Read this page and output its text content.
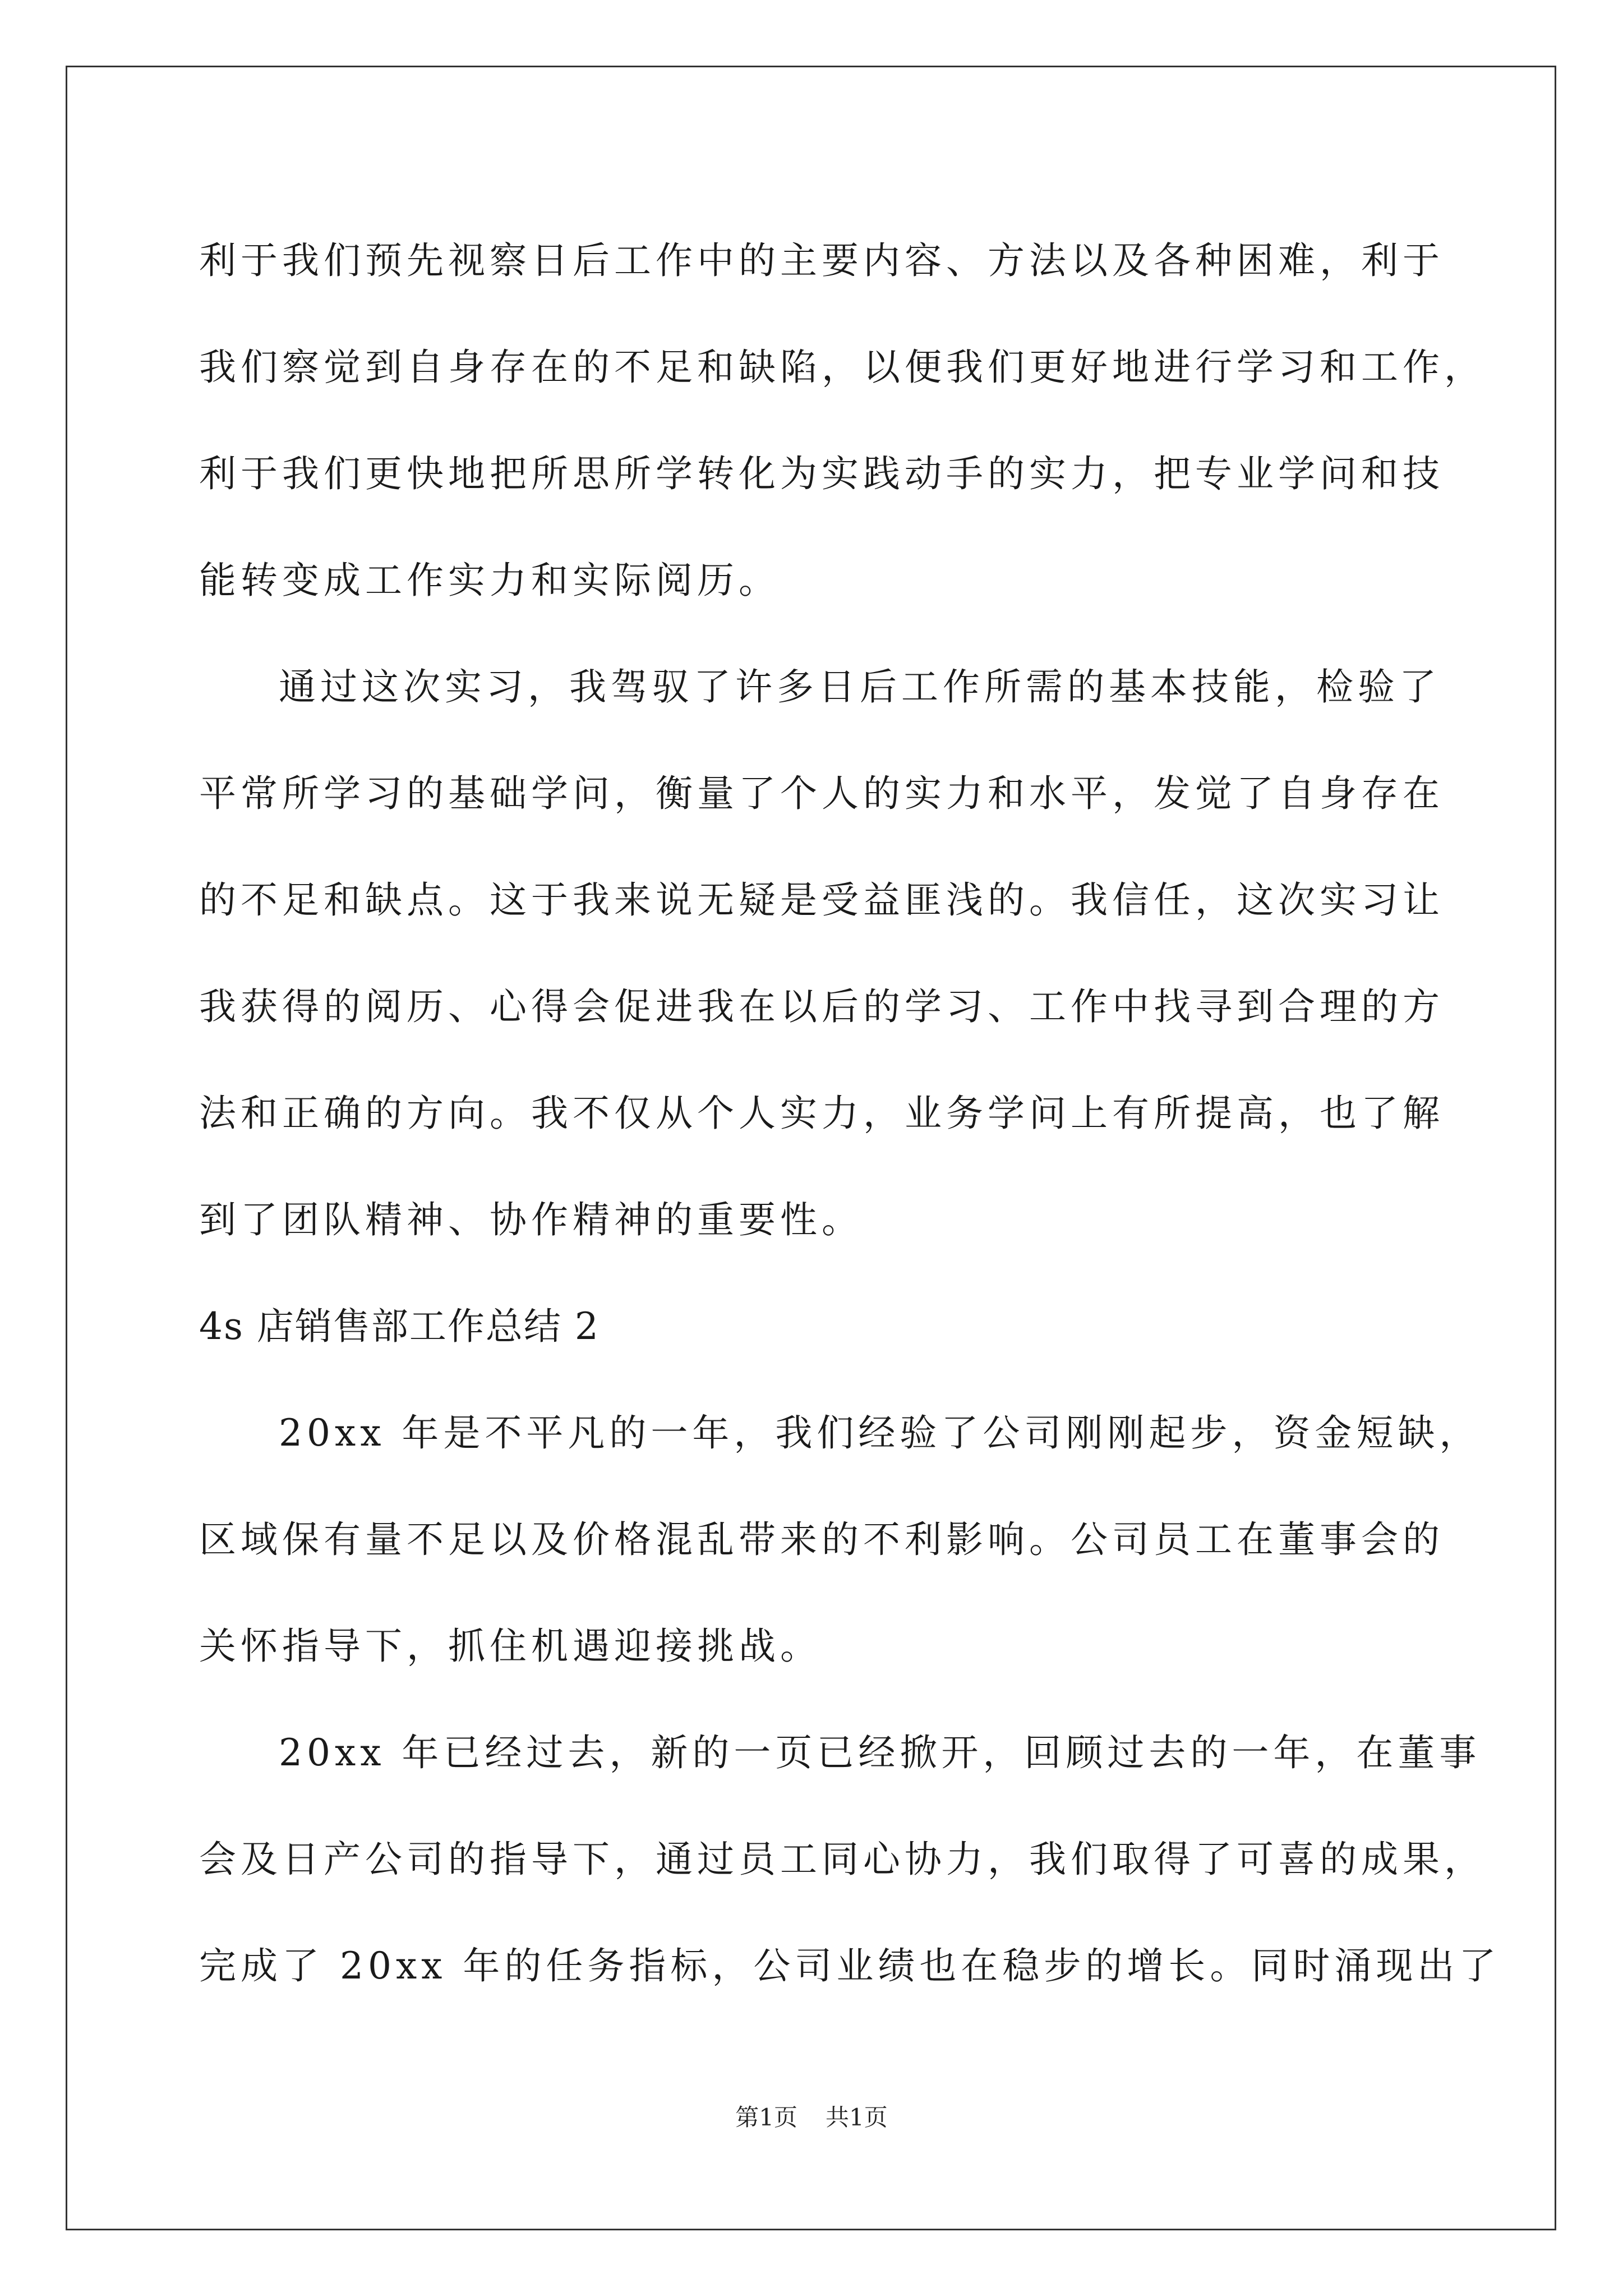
利于我们预先视察日后工作中的主要内容、方法以及各种困难，利于
我们察觉到自身存在的不足和缺陷，以便我们更好地进行学习和工作，
利于我们更快地把所思所学转化为实践动手的实力，把专业学问和技
能转变成工作实力和实际阅历。
通过这次实习，我驾驭了许多日后工作所需的基本技能，检验了
平常所学习的基础学问，衡量了个人的实力和水平，发觉了自身存在
的不足和缺点。这于我来说无疑是受益匪浅的。我信任，这次实习让
我获得的阅历、心得会促进我在以后的学习、工作中找寻到合理的方
法和正确的方向。我不仅从个人实力，业务学问上有所提高，也了解
到了团队精神、协作精神的重要性。
4s 店销售部工作总结 2
20xx 年是不平凡的一年，我们经验了公司刚刚起步，资金短缺，
区域保有量不足以及价格混乱带来的不利影响。公司员工在董事会的
关怀指导下，抓住机遇迎接挑战。
20xx 年已经过去，新的一页已经掀开，回顾过去的一年，在董事
会及日产公司的指导下，通过员工同心协力，我们取得了可喜的成果，
完成了 20xx 年的任务指标，公司业绩也在稳步的增长。同时涌现出了
第1页 共1页
